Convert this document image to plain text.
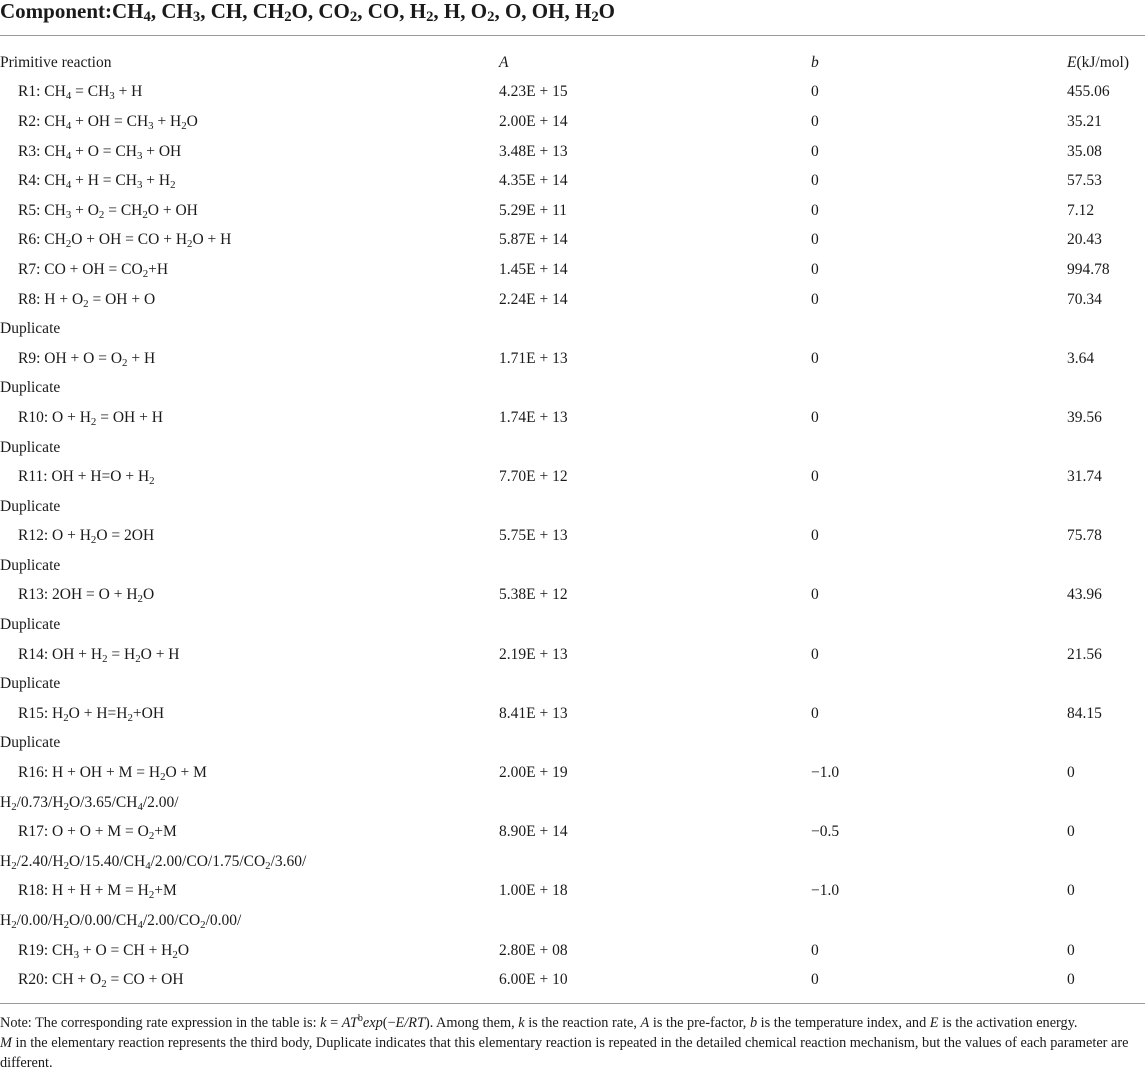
$Component:CH_4$, $CH_3$, CH, $CH_2O$, $CO_2$, CO, $H_2$, H, $O_2$, O, OH, $H_2O$
Primitive reaction	A	b	E(kJ/mol)
R1: $CH_4 = CH_3 + H$	4.23E + 15	0	455.06
R2: $CH_4$ + OH = $CH_3 + H_2O$	2.00E + 14	0	35.21
R3: $CH_4 + O = CH_3$ + OH	3.48E + 13	0	35.08
R4: $CH_4 + H = CH_3 + H_2$	4.35E + 14	0	57.53
R5: $CH_3 + O_2 = CH_2O$ + OH	5.29E + 11	0	7.12
R6: $CH_2O$ + OH = CO + $H_2O + H$	5.87E + 14	0	20.43
R7: CO + OH = $CO_2+H$	1.45E + 14	0	994.78
R8: $H + O_2$ = OH + O	2.24E + 14	0	70.34
Duplicate			
R9: OH + $O = O_2 + H$	1.71E + 13	0	3.64
Duplicate			
R10: $O + H_2$ = OH + H	1.74E + 13	0	39.56
Duplicate			
R11: OH + $H=O + H_2$	7.70E + 12	0	31.74
Duplicate			
R12: $O + H_2O = 2OH$	5.75E + 13	0	75.78
Duplicate			
R13: $2OH = O + H_2O$	5.38E + 12	0	43.96
Duplicate			
R14: OH + $H_2 = H_2O + H$	2.19E + 13	0	21.56
Duplicate			
R15: $H_2O + H=H_2+OH$	8.41E + 13	0	84.15
Duplicate			
R16: H + OH + $M = H_2O + M$	2.00E + 19	−1.0	0
$H_2/0.73/H_2O/3.65/CH_4/2.00/$			
R17: $O + O + M = O_2+M$	8.90E + 14	−0.5	0
$H_2/2.40/H_2O/15.40/CH_4/2.00/CO/1.75/CO_2/3.60/$			
R18: $H + H + M = H_2+M$	1.00E + 18	−1.0	0
$H_2/0.00/H_2O/0.00/CH_4/2.00/CO_2/0.00/$			
R19: $CH_3 + O$ = CH + $H_2O$	2.80E + 08	0	0
R20: CH + $O_2$ = CO + OH	6.00E + 10	0	0
Note: The corresponding rate expression in the table is: $k = AT^b\exp(-E/RT)$. Among them, k is the reaction rate, A is the pre-factor, b is the temperature index, and E is the activation energy.
M in the elementary reaction represents the third body, Duplicate indicates that this elementary reaction is repeated in the detailed chemical reaction mechanism, but the values of each parameter are different.
